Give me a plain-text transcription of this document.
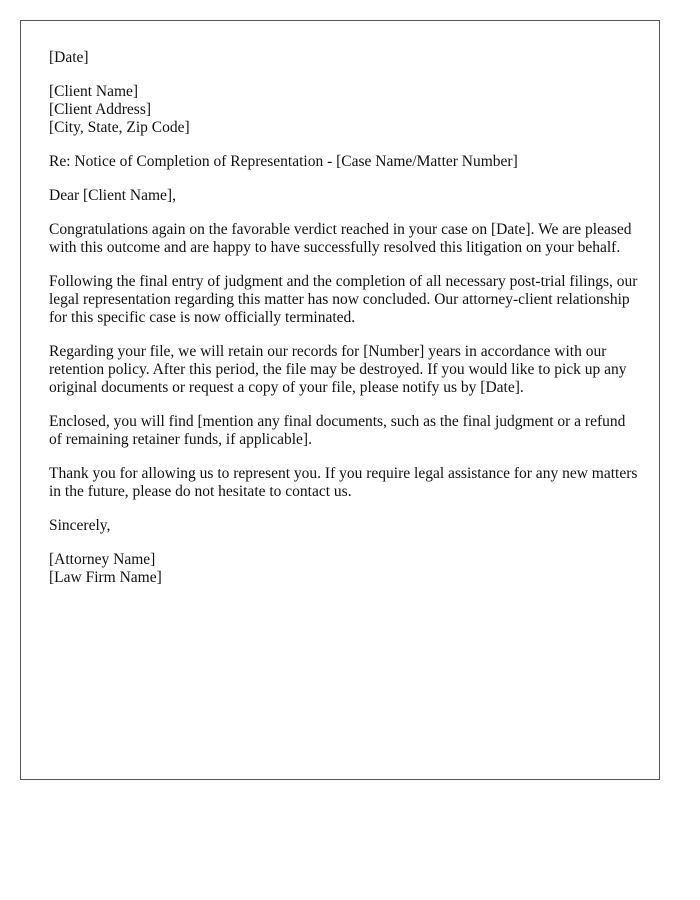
[Date]
[Client Name]
[Client Address]
[City, State, Zip Code]
Re: Notice of Completion of Representation - [Case Name/Matter Number]
Dear [Client Name],

Congratulations again on the favorable verdict reached in your case on [Date]. We are pleased with this outcome and are happy to have successfully resolved this litigation on your behalf.

Following the final entry of judgment and the completion of all necessary post-trial filings, our legal representation regarding this matter has now concluded. Our attorney-client relationship for this specific case is now officially terminated.

Regarding your file, we will retain our records for [Number] years in accordance with our retention policy. After this period, the file may be destroyed. If you would like to pick up any original documents or request a copy of your file, please notify us by [Date].

Enclosed, you will find [mention any final documents, such as the final judgment or a refund of remaining retainer funds, if applicable].

Thank you for allowing us to represent you. If you require legal assistance for any new matters in the future, please do not hesitate to contact us.

Sincerely,
[Attorney Name]
[Law Firm Name]
